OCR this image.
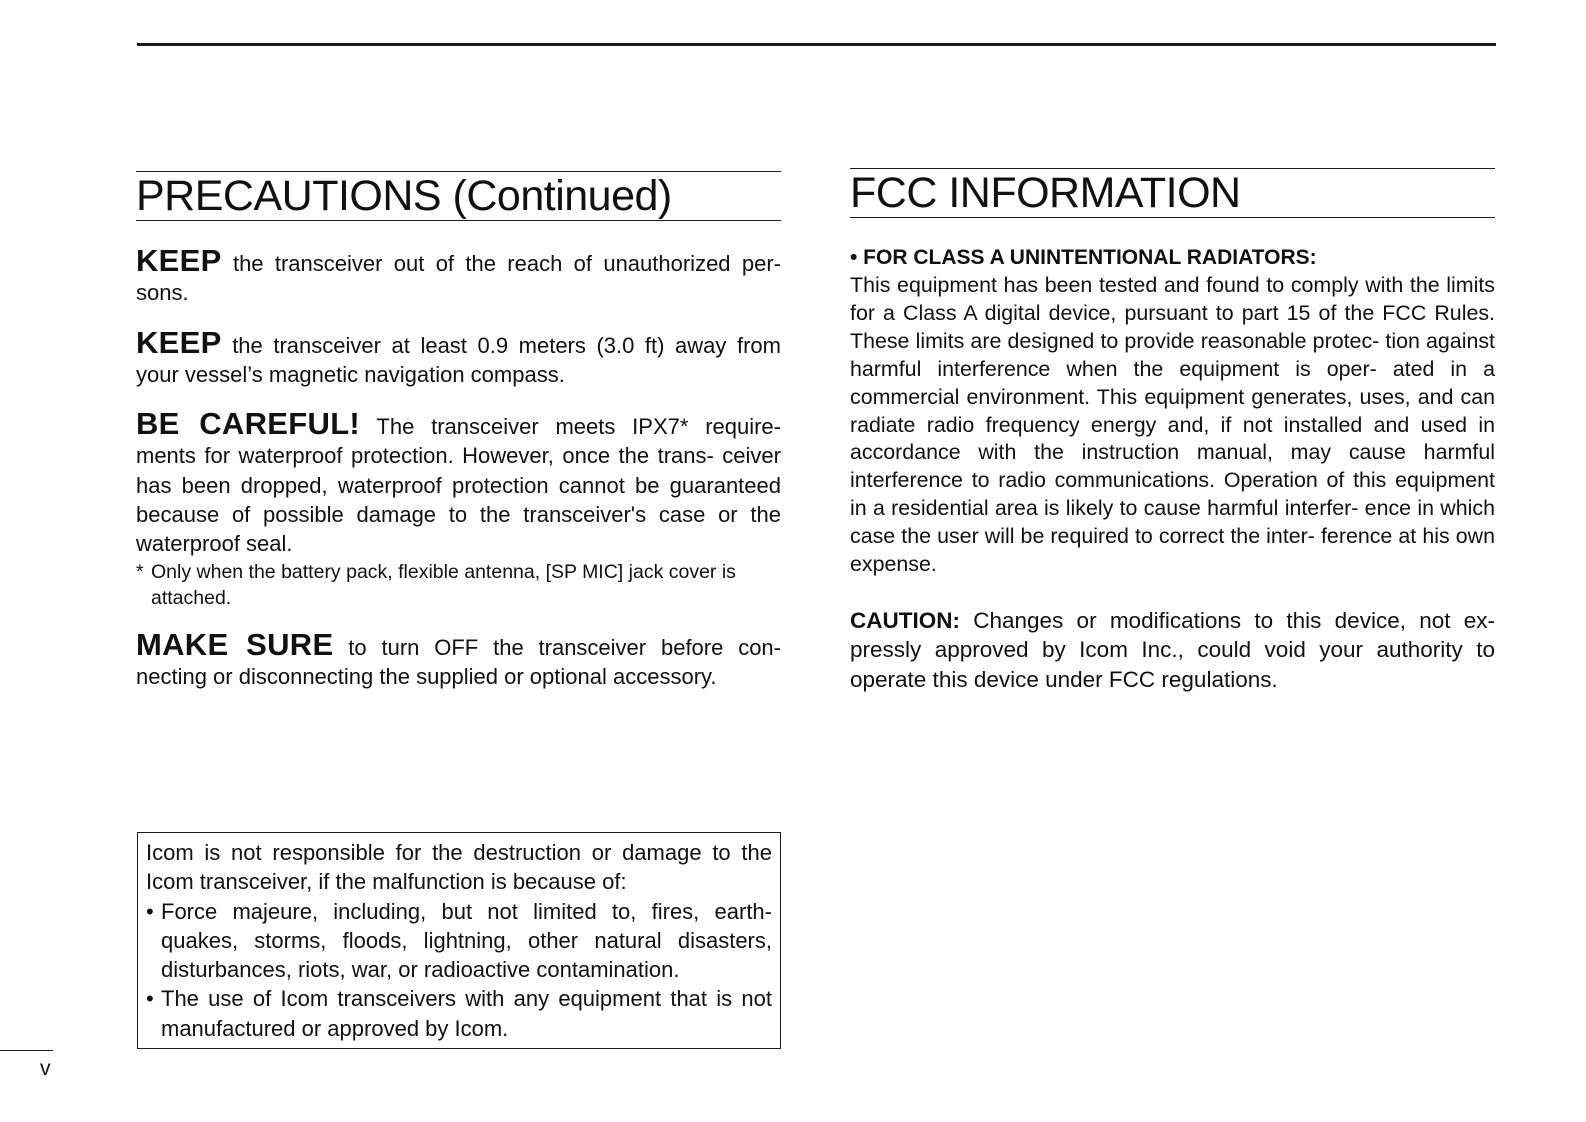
PRECAUTIONS (Continued)

KEEP the transceiver out of the reach of unauthorized per- sons.

KEEP the transceiver at least 0.9 meters (3.0 ft) away from your vessel’s magnetic navigation compass.

BE CAREFUL! The transceiver meets IPX7* require- ments for waterproof protection. However, once the trans- ceiver has been dropped, waterproof protection cannot be guaranteed because of possible damage to the transceiver's case or the waterproof seal.

* Only when the battery pack, flexible antenna, [SP MIC] jack cover is attached.

MAKE SURE to turn OFF the transceiver before con- necting or disconnecting the supplied or optional accessory.

Icom is not responsible for the destruction or damage to the Icom transceiver, if the malfunction is because of:
• Force majeure, including, but not limited to, fires, earth- quakes, storms, floods, lightning, other natural disasters, disturbances, riots, war, or radioactive contamination.
• The use of Icom transceivers with any equipment that is not manufactured or approved by Icom.
FCC INFORMATION
• FOR CLASS A UNINTENTIONAL RADIATORS:

This equipment has been tested and found to comply with the limits for a Class A digital device, pursuant to part 15 of the FCC Rules. These limits are designed to provide reasonable protec- tion against harmful interference when the equipment is oper- ated in a commercial environment. This equipment generates, uses, and can radiate radio frequency energy and, if not installed and used in accordance with the instruction manual, may cause harmful interference to radio communications. Operation of this equipment in a residential area is likely to cause harmful interfer- ence in which case the user will be required to correct the inter- ference at his own expense.

CAUTION: Changes or modifications to this device, not ex- pressly approved by Icom Inc., could void your authority to operate this device under FCC regulations.

v
